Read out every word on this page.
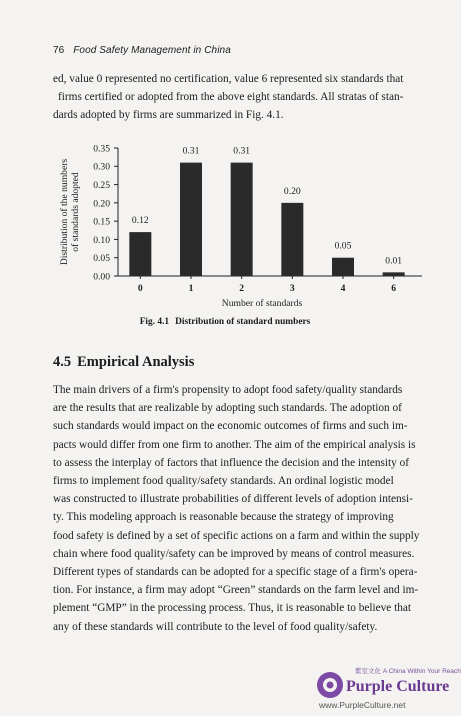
76 Food Safety Management in China
ed, value 0 represented no certification, value 6 represented six standards that
firms certified or adopted from the above eight standards. All stratas of stan-
dards adopted by firms are summarized in Fig. 4.1.
0.00
0.05
0.10
0.15
0.20
0.25
0.30
0.35
0.12
0
0.31
1
0.31
2
0.20
3
0.05
4
0.01
6
Number of standards
Distribution of the numbers of standards adopted
Fig. 4.1 Distribution of standard numbers
4.5 Empirical Analysis
The main drivers of a firm's propensity to adopt food safety/quality standards
are the results that are realizable by adopting such standards. The adoption of
such standards would impact on the economic outcomes of firms and such im-
pacts would differ from one firm to another. The aim of the empirical analysis is
to assess the interplay of factors that influence the decision and the intensity of
firms to implement food quality/safety standards. An ordinal logistic model
was constructed to illustrate probabilities of different levels of adoption intensi-
ty. This modeling approach is reasonable because the strategy of improving
food safety is defined by a set of specific actions on a farm and within the supply
chain where food quality/safety can be improved by means of control measures.
Different types of standards can be adopted for a specific stage of a firm's opera-
tion. For instance, a firm may adopt “Green” standards on the farm level and im-
plement “GMP” in the processing process. Thus, it is reasonable to believe that
any of these standards will contribute to the level of food quality/safety.
紫室文化 A China Within Your Reach
Purple Culture
www.PurpleCulture.net
